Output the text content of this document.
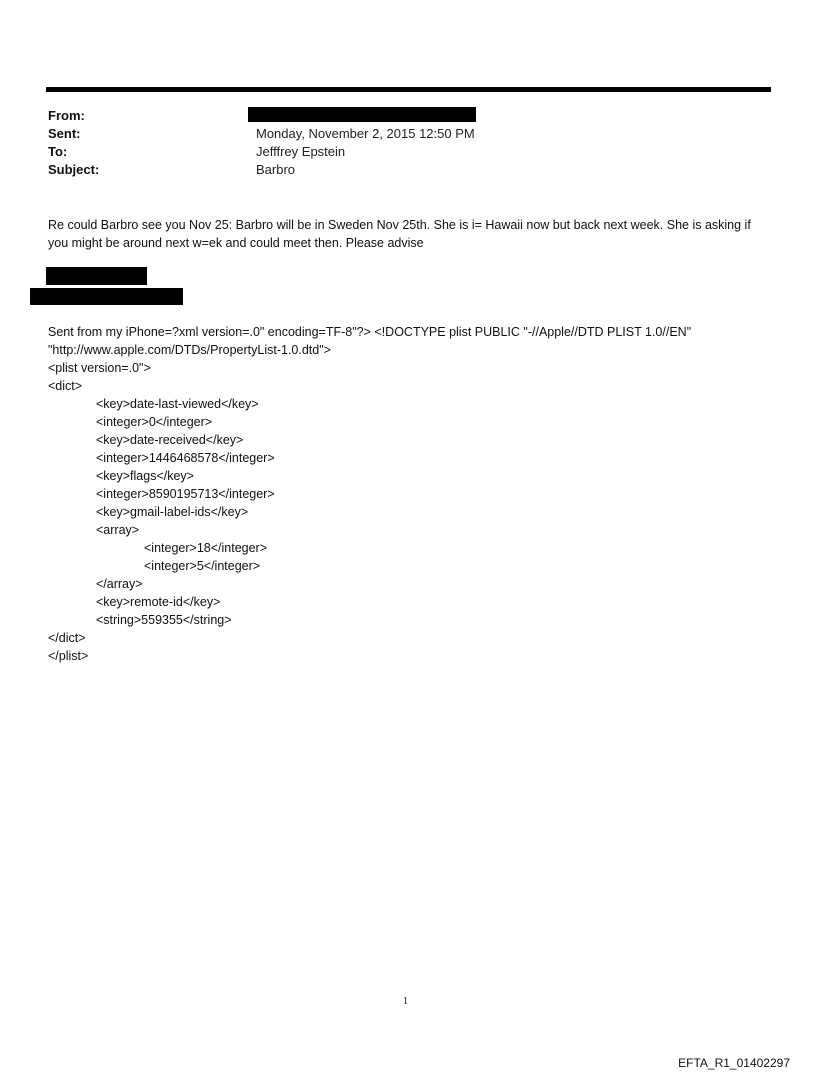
From:
Sent:
To:
Subject:
Monday, November 2, 2015 12:50 PM
Jefffrey Epstein
Barbro
Re could Barbro see you Nov 25: Barbro will be in Sweden Nov 25th. She is i= Hawaii now but back next week. She is asking if you might be around next w=ek and could meet then. Please advise
Sent from my iPhone=?xml version=.0" encoding=TF-8"?> <!DOCTYPE plist PUBLIC "-//Apple//DTD PLIST 1.0//EN"
"http://www.apple.com/DTDs/PropertyList-1.0.dtd">
<plist version=.0">
<dict>
<key>date-last-viewed</key>
<integer>0</integer>
<key>date-received</key>
<integer>1446468578</integer>
<key>flags</key>
<integer>8590195713</integer>
<key>gmail-label-ids</key>
<array>
<integer>18</integer>
<integer>5</integer>
</array>
<key>remote-id</key>
<string>559355</string>
</dict>
</plist>
1
EFTA_R1_01402297
